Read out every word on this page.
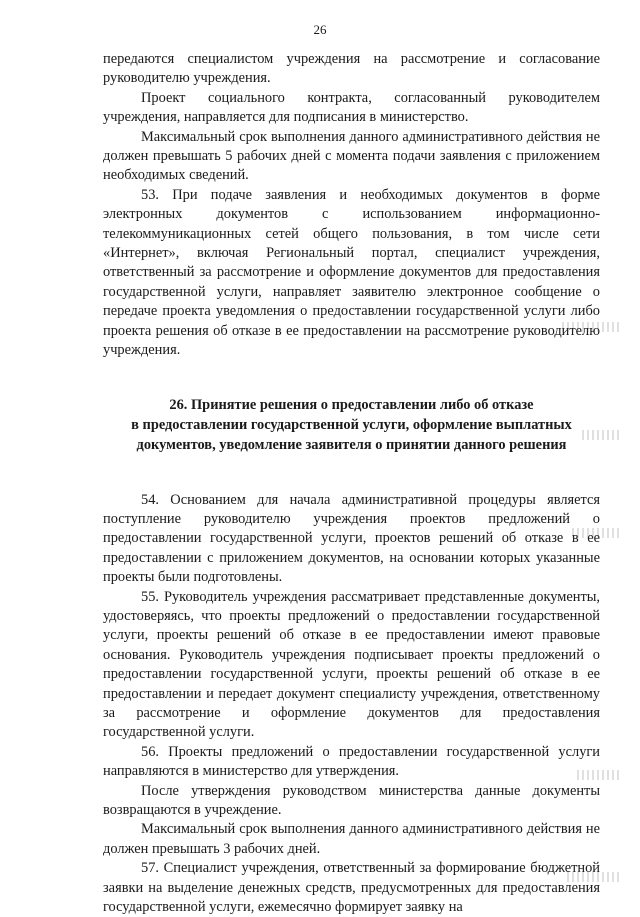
26

передаются специалистом учреждения на рассмотрение и согласование руководителю учреждения.

Проект социального контракта, согласованный руководителем учреждения, направляется для подписания в министерство.

Максимальный срок выполнения данного административного действия не должен превышать 5 рабочих дней с момента подачи заявления с приложением необходимых сведений.

53. При подаче заявления и необходимых документов в форме электронных документов с использованием информационно-телекоммуникационных сетей общего пользования, в том числе сети «Интернет», включая Региональный портал, специалист учреждения, ответственный за рассмотрение и оформление документов для предоставления государственной услуги, направляет заявителю электронное сообщение о передаче проекта уведомления о предоставлении государственной услуги либо проекта решения об отказе в ее предоставлении на рассмотрение руководителю учреждения.

26. Принятие решения о предоставлении либо об отказе
в предоставлении государственной услуги, оформление выплатных
документов, уведомление заявителя о принятии данного решения

54. Основанием для начала административной процедуры является поступление руководителю учреждения проектов предложений о предоставлении государственной услуги, проектов решений об отказе в ее предоставлении с приложением документов, на основании которых указанные проекты были подготовлены.

55. Руководитель учреждения рассматривает представленные документы, удостоверяясь, что проекты предложений о предоставлении государственной услуги, проекты решений об отказе в ее предоставлении имеют правовые основания. Руководитель учреждения подписывает проекты предложений о предоставлении государственной услуги, проекты решений об отказе в ее предоставлении и передает документ специалисту учреждения, ответственному за рассмотрение и оформление документов для предоставления государственной услуги.

56. Проекты предложений о предоставлении государственной услуги направляются в министерство для утверждения.

После утверждения руководством министерства данные документы возвращаются в учреждение.

Максимальный срок выполнения данного административного действия не должен превышать 3 рабочих дней.

57. Специалист учреждения, ответственный за формирование бюджетной заявки на выделение денежных средств, предусмотренных для предоставления государственной услуги, ежемесячно формирует заявку на
